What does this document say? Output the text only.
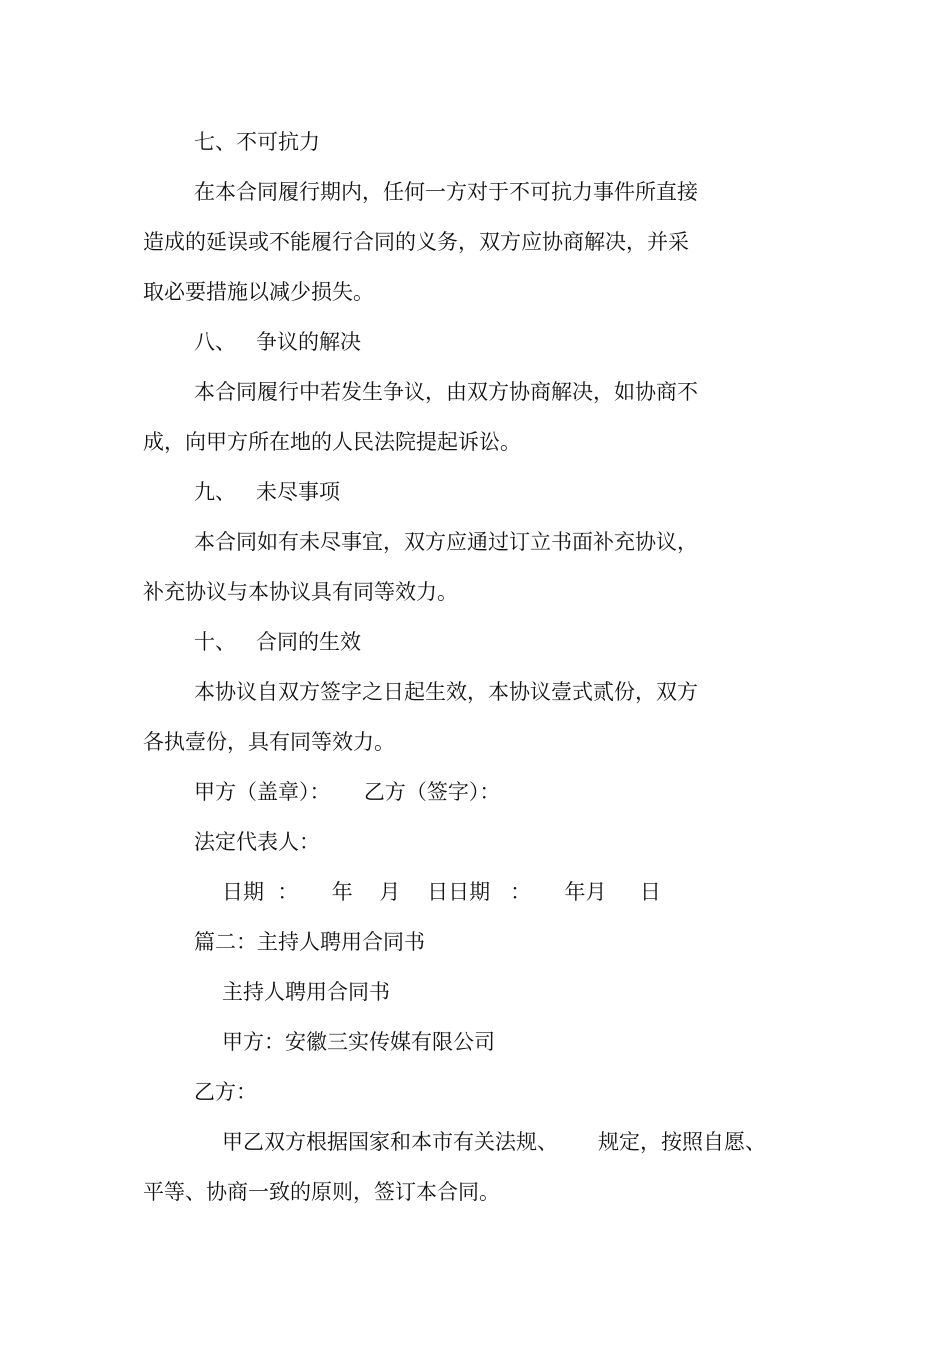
七、不可抗力
在本合同履行期内，任何一方对于不可抗力事件所直接
造成的延误或不能履行合同的义务，双方应协商解决，并采
取必要措施以减少损失。
八、   争议的解决
本合同履行中若发生争议，由双方协商解决，如协商不
成，向甲方所在地的人民法院提起诉讼。
九、   未尽事项
本合同如有未尽事宜，双方应通过订立书面补充协议，
补充协议与本协议具有同等效力。
十、   合同的生效
本协议自双方签字之日起生效，本协议壹式贰份，双方
各执壹份，具有同等效力。
甲方（盖章）：     乙方（签字）：
法定代表人：
日期  ：     年    月    日日期   ：     年月     日
篇二：主持人聘用合同书
主持人聘用合同书
甲方：安徽三实传媒有限公司
乙方：
甲乙双方根据国家和本市有关法规、      规定，按照自愿、
平等、协商一致的原则，签订本合同。
